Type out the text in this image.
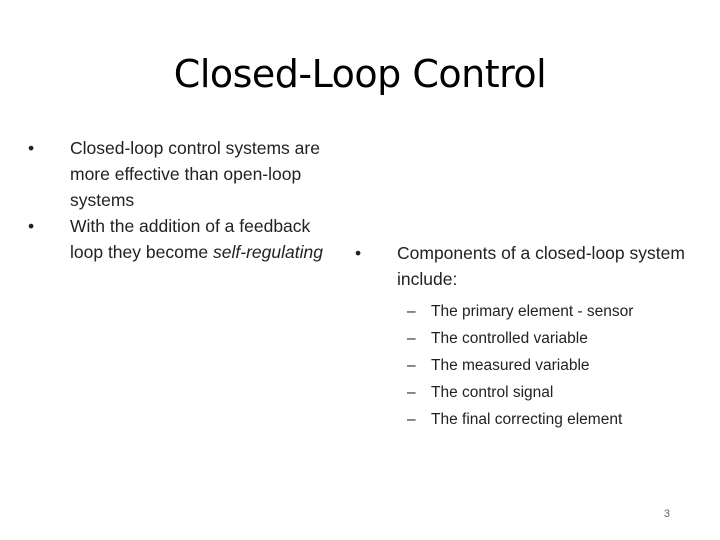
Closed-Loop Control
•	Closed-loop control systems are more effective than open-loop systems
•	With the addition of a feedback loop they become self-regulating	•	Components of a closed-loop system include:
– The primary element - sensor
– The controlled variable
– The measured variable
– The control signal
– The final correcting element
3
